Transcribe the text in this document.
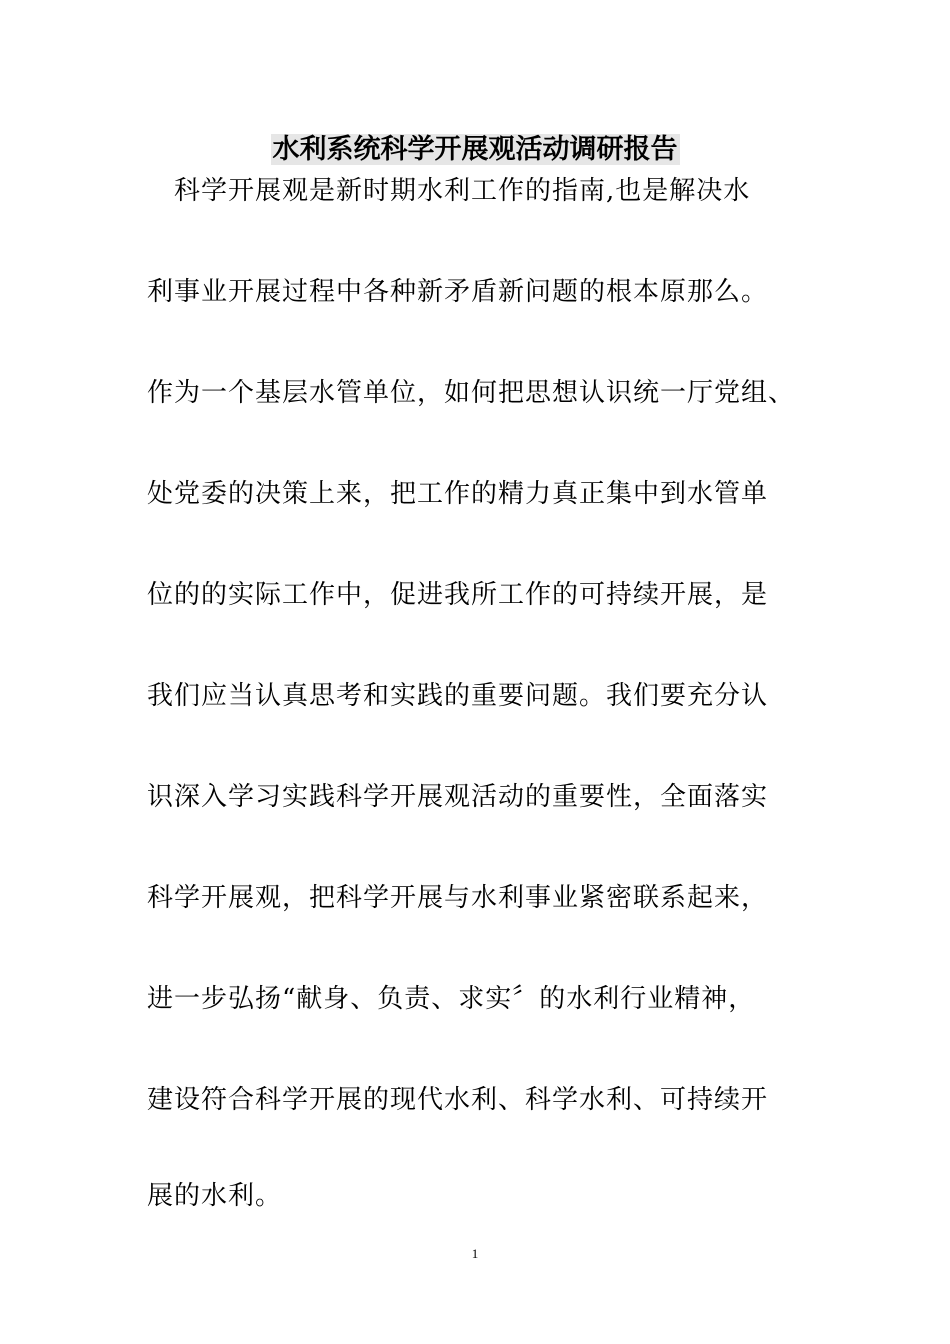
水利系统科学开展观活动调研报告
　科学开展观是新时期水利工作的指南,也是解决水
利事业开展过程中各种新矛盾新问题的根本原那么。
作为一个基层水管单位，如何把思想认识统一厅党组、
处党委的决策上来，把工作的精力真正集中到水管单
位的的实际工作中，促进我所工作的可持续开展，是
我们应当认真思考和实践的重要问题。我们要充分认
识深入学习实践科学开展观活动的重要性，全面落实
科学开展观，把科学开展与水利事业紧密联系起来，
进一步弘扬“献身、负责、求实〞的水利行业精神，
建设符合科学开展的现代水利、科学水利、可持续开
展的水利。
1
